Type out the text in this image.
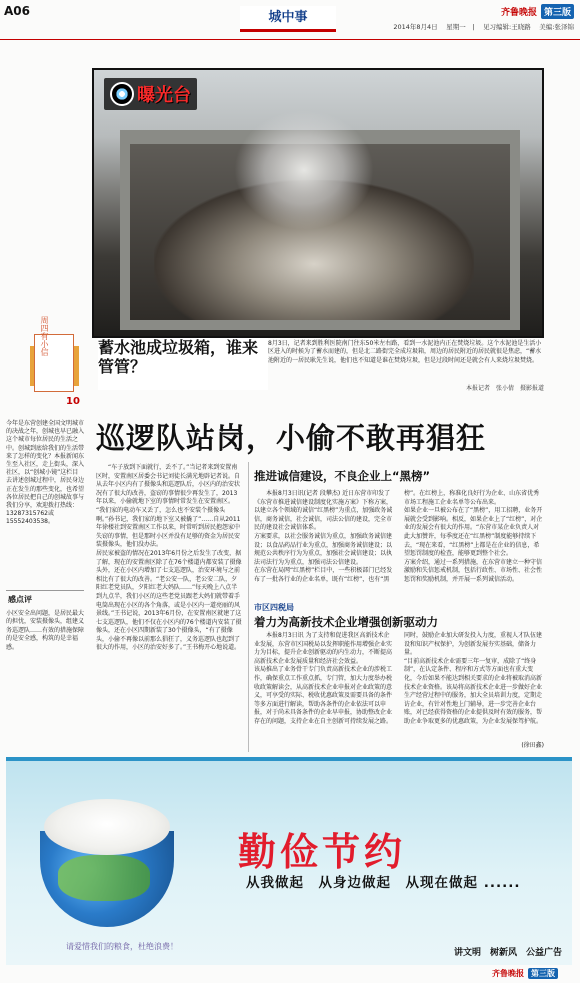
A06	城中事	齐鲁晚报 第三版
2014年8月4日　 星期一　|　 见习编辑:王晓路　 美编:张泽锦
曝光台
蓄水池成垃圾箱，谁来管管？
8月3日，记者来到胜利医院南门往东50米左右路，看到一水泥池内正在焚烧垃圾。这个水泥池是生活小区进入的时候为了蓄水而建的，但是北二路街完全成垃圾箱，周边的居民附近的居民就很是焦虑，“蓄水池附近的一居民耿先生说，他们也不知道是谁在焚烧垃圾，但是过段时间还是就会有人来烧垃圾焚烧。
本报记者　张小倩　摄影报道
周四有小信
10
今年是东营创建全国文明城市的决战之年，创城也早已融入这个城市每位居民的生活之中。创城到底给我们的生活带来了怎样的变化？本报新闻东生至入社区，走上街头，深入社区，以“创城小镜”这栏目去讲述创城过程中，居民身边正在发生的那些变化，也希望各位居民把自己的创城故事与我们分享，欢迎拨打热线：13287315762或15552403538。
感点评
小区安全出问题，是居民最大的担忧，安装摄像头，组建义务巡逻队……有效的措施保障的是安全感，构筑的是幸福感。
巡逻队站岗，小偷不敢再猖狂
“车子放到下面就行，丢不了。”当记者来到安置南区时，安置南区居委会书记刘徒长满光地辟记者说。自从去年小区内有了摄像头和巡逻队后，小区内的治安状况有了很大的改善，盗窃的事情很少再发生了，2013年以来，小偷就地下室的事情时常发生在安置南区。
“我们家的电动车又丢了，怎么也不安装个摄像头啊。”孙书记，我们家的地下室又被撬了”……自从2011年徐楼社到安置南区工作以来，时常听到居民抱怨家中失窃的事情，但是那时小区并没有足够的资金为居民安装摄像头，他们没办法。
居民家被盗的情况在2013年6月份之后发生了改变，据了解，现在的安置南区除了在76个楼道内都安装了摄像头外，还在小区内增加了七支巡逻队，治安环境与之前相比有了很大的改善。“老公安一队，老公安二队，夕阳红老党员队，夕阳红老大妈队……”每天晚上八点半到九点半，我们小区的这些老党员跟老大妈们就带着手电筒出现在小区的各个角落，或是小区内一道亮丽的风景线。”王书记说，2013年6月份，在安置南区就建了这七支巡逻队，他们不仅在小区内的76个楼道内安装了摄像头，还在小区四期新装了30个摄像头，“有了摄像头，小偷不再像以前那么猖狂了，义务巡逻队也起到了很大的作用，小区的治安好多了。”王书梅开心地说道。
推进诚信建设，不良企业上“黑榜”
本报8月3日讯(记者 段攀杰) 近日东营市印发了《东营市推进诚信建设制度化实施方案》下称方案，以建立各个领域的诚信“红黑榜”为重点，加强政务诚信，商务诚信，社会诚信，司法公信的建设，完全市民的建设社会诚信体系。
方案要求，以社会服务诚信为重点，加强政务诚信建设；以食品药品行业为重点，加强商务诚信建设；以规范公共秩序行为为重点，加强社会诚信建设；以执法司法行为为重点，加强司法公信建设。
在东营在局网“红黑榜”栏目中，一些积极部门已经发布了一批各行业的企业名单，既有“红榜”，也有“黑榜”。在红榜上，称准化良好行为企业、山东省优秀市场工程施工企业名单等公布出来。
如果企业一旦被公布在了“黑榜”，用工招聘，业务开展就会受到影响。相反，如果企业上了“红榜”，对企业的发展会有很大的作用。“东营市某企业负责人对此大加赞许，每季度还在“红黑榜”制度能够持续下去，“现在来看，“红黑榜”上都是在企业的信息，希望惩罚制度的检查，能够更到整个社会。
方案介绍，通过一系列措施，在东营市建立一种守信激励和失信惩戒机制，包括行政性、市场性、社会性惩罚和奖励机制，并开展一系列诚信活动。
市区四税局
着力为高新技术企业增强创新驱动力
本报8月3日讯 为了支持和促进我区高新技术企业发展，东营市区国税局以发挥职能作用增强企业实力为目标，提升企业创新驱动的内生动力，不断提高高新技术企业发展质量和经济社会效益。
该局推出了业务骨干专门负责高新技术企业的涉税工作，确保重点工作重点抓，专门管，加大力度举办税收政策解读会，从高新技术企业申报对企业政策的意义，可享受的实际、税收优惠政策及需要具备的条件等多方面进行解读，帮助各条件的企业依法可以申报，对于尚未具备条件的企业早申报，协助整改企业存在的问题，支持企业在自主创新可持续发展之路。同时，鼓励企业加大研发投入力度，重视人才队伍建设和知识产权保护，为创新发展夯实基础，储备力量。
“目前高新技术企业需要三年一复审，成除了“终身制”，在认定条件、程序和方式等方面也有重大变化，今后如果不能达到相关要求的企业将被取消高新技术企业资格。该局将高新技术企业进一步做好企业生产经营过程中的服务，加大全员培训力度，定期走访企业，有针对性地上门辅导，进一步完善企业台账，对已经获得资格的企业提供及时有效的服务，帮助企业争取更多的优惠政策，为企业发展保驾护航。
(徐田鑫)
勤俭节约
从我做起　从身边做起　从现在做起 ......
请爱惜我们的粮食，杜绝浪费！
讲文明　树新风　公益广告
齐鲁晚报 第三版
